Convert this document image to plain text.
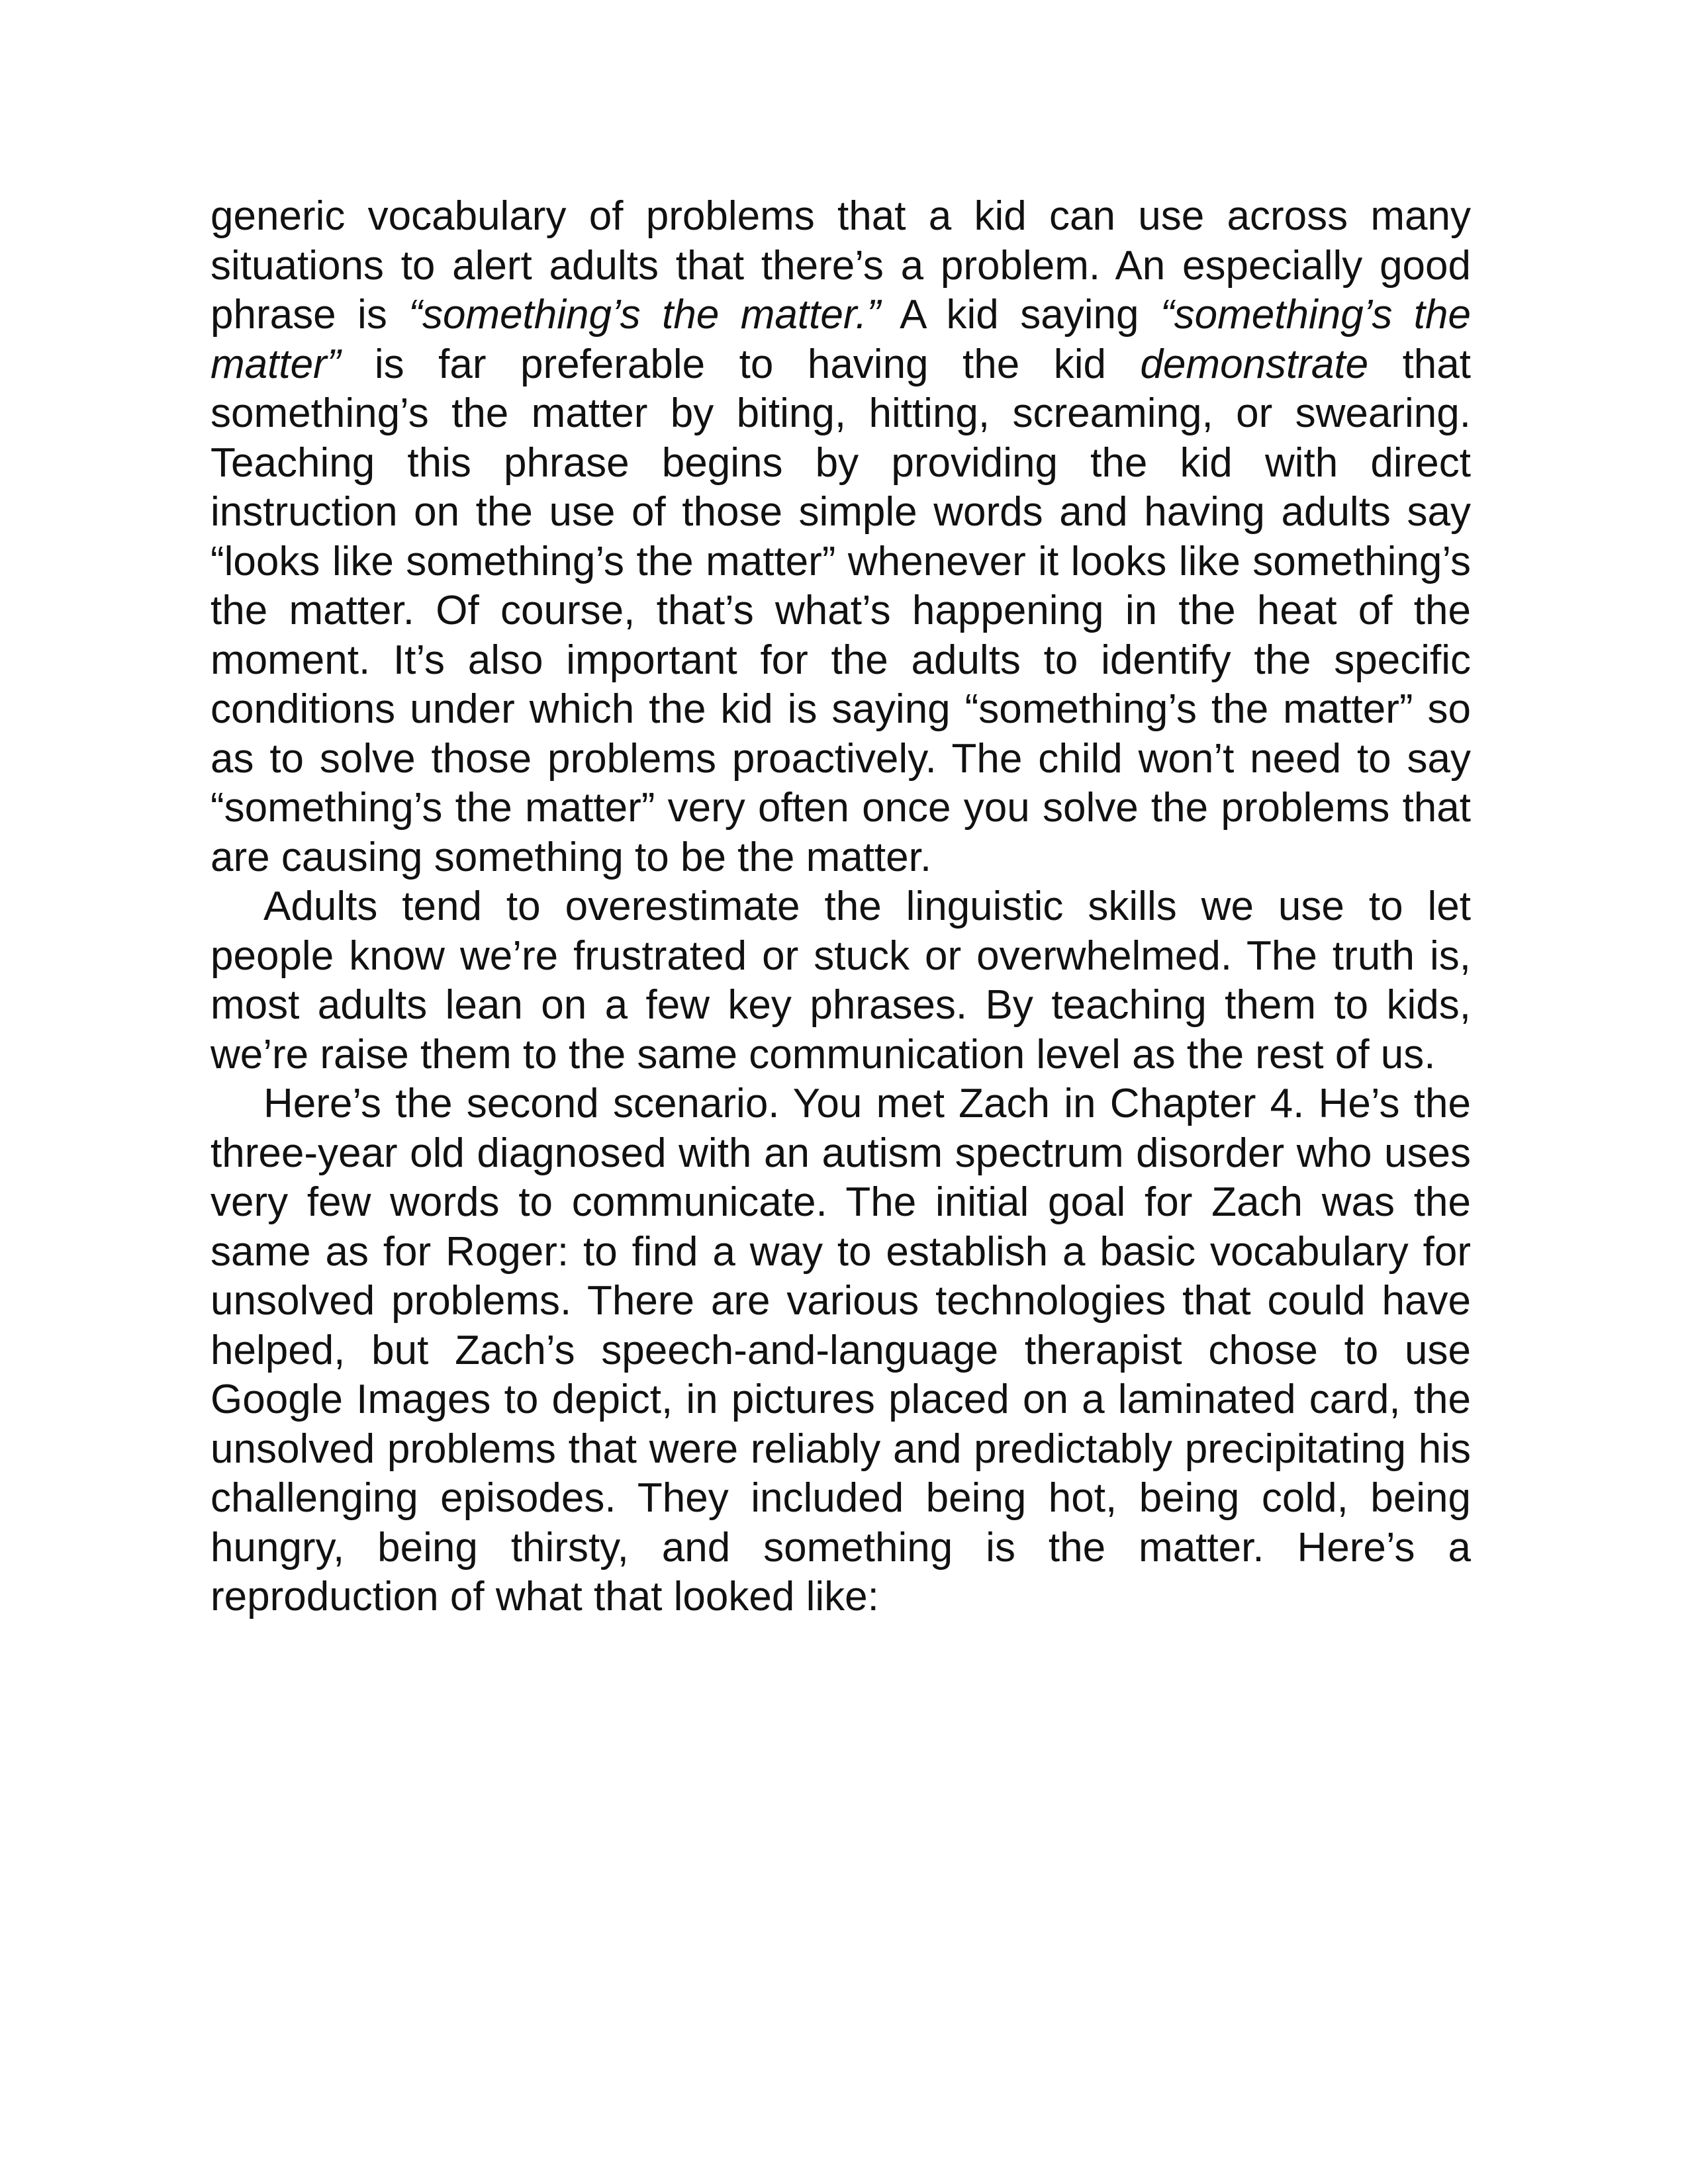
generic vocabulary of problems that a kid can use across many situations to alert adults that there’s a problem. An especially good phrase is “something’s the matter.” A kid saying “something’s the matter” is far preferable to having the kid demonstrate that something’s the matter by biting, hitting, screaming, or swearing. Teaching this phrase begins by providing the kid with direct instruction on the use of those simple words and having adults say “looks like something’s the matter” whenever it looks like something’s the matter. Of course, that’s what’s happening in the heat of the moment. It’s also important for the adults to identify the specific conditions under which the kid is saying “something’s the matter” so as to solve those problems proactively. The child won’t need to say “something’s the matter” very often once you solve the problems that are causing something to be the matter.

Adults tend to overestimate the linguistic skills we use to let people know we’re frustrated or stuck or overwhelmed. The truth is, most adults lean on a few key phrases. By teaching them to kids, we’re raise them to the same communication level as the rest of us.

Here’s the second scenario. You met Zach in Chapter 4. He’s the three-year old diagnosed with an autism spectrum disorder who uses very few words to communicate. The initial goal for Zach was the same as for Roger: to find a way to establish a basic vocabulary for unsolved problems. There are various technologies that could have helped, but Zach’s speech-and-language therapist chose to use Google Images to depict, in pictures placed on a laminated card, the unsolved problems that were reliably and predictably precipitating his challenging episodes. They included being hot, being cold, being hungry, being thirsty, and something is the matter. Here’s a reproduction of what that looked like:
